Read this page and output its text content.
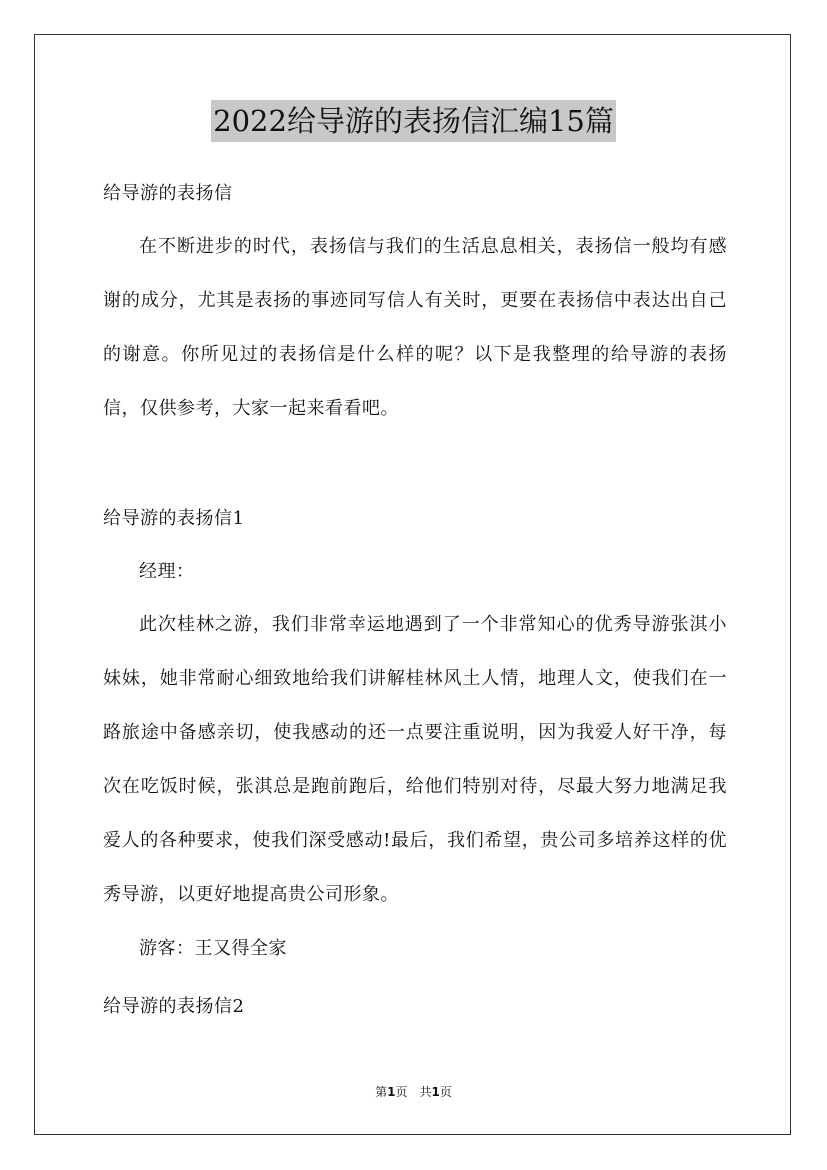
2022给导游的表扬信汇编15篇
给导游的表扬信

在不断进步的时代，表扬信与我们的生活息息相关，表扬信一般均有感谢的成分，尤其是表扬的事迹同写信人有关时，更要在表扬信中表达出自己的谢意。你所见过的表扬信是什么样的呢？以下是我整理的给导游的表扬信，仅供参考，大家一起来看看吧。

给导游的表扬信1

经理：

此次桂林之游，我们非常幸运地遇到了一个非常知心的优秀导游张淇小妹妹，她非常耐心细致地给我们讲解桂林风土人情，地理人文，使我们在一路旅途中备感亲切，使我感动的还一点要注重说明，因为我爱人好干净，每次在吃饭时候，张淇总是跑前跑后，给他们特别对待，尽最大努力地满足我爱人的各种要求，使我们深受感动!最后，我们希望，贵公司多培养这样的优秀导游，以更好地提高贵公司形象。

游客：王又得全家

给导游的表扬信2
第1页　共1页
